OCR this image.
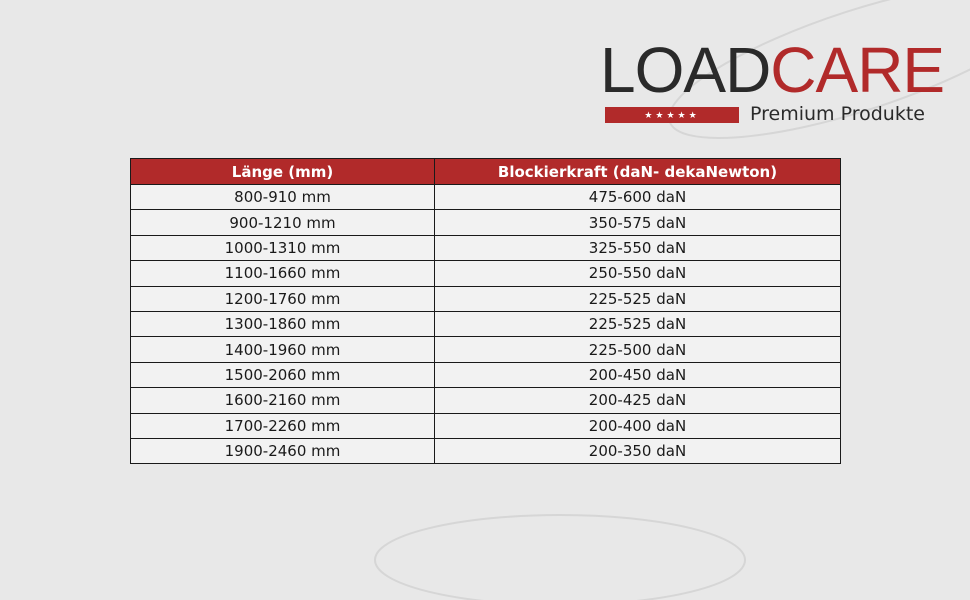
LOADCARE
★★★★★	Premium Produkte
Länge (mm)	Blockierkraft (daN- dekaNewton)
800-910 mm	475-600 daN
900-1210 mm	350-575 daN
1000-1310 mm	325-550 daN
1100-1660 mm	250-550 daN
1200-1760 mm	225-525 daN
1300-1860 mm	225-525 daN
1400-1960 mm	225-500 daN
1500-2060 mm	200-450 daN
1600-2160 mm	200-425 daN
1700-2260 mm	200-400 daN
1900-2460 mm	200-350 daN
